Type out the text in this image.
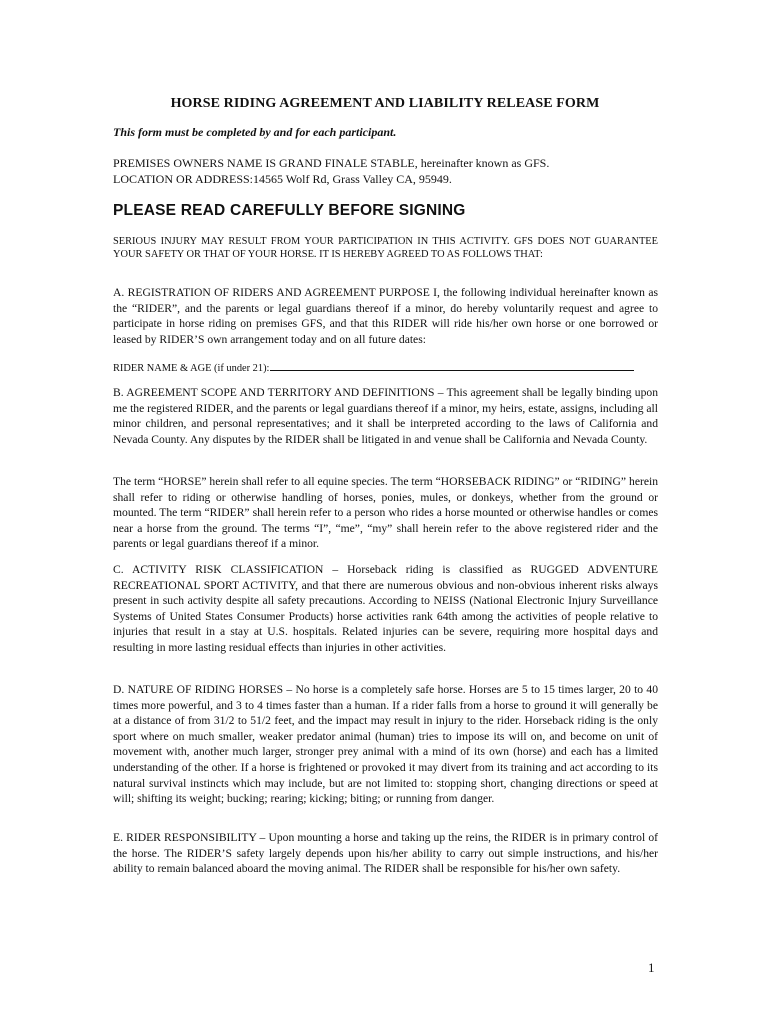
HORSE RIDING AGREEMENT AND LIABILITY RELEASE FORM
This form must be completed by and for each participant.
PREMISES OWNERS NAME IS GRAND FINALE STABLE, hereinafter known as GFS.
LOCATION OR ADDRESS:14565 Wolf Rd, Grass Valley CA, 95949.
PLEASE READ CAREFULLY BEFORE SIGNING
SERIOUS INJURY MAY RESULT FROM YOUR PARTICIPATION IN THIS ACTIVITY. GFS DOES NOT GUARANTEE YOUR SAFETY OR THAT OF YOUR HORSE. IT IS HEREBY AGREED TO AS FOLLOWS THAT:
A. REGISTRATION OF RIDERS AND AGREEMENT PURPOSE I, the following individual hereinafter known as the “RIDER”, and the parents or legal guardians thereof if a minor, do hereby voluntarily request and agree to participate in horse riding on premises GFS, and that this RIDER will ride his/her own horse or one borrowed or leased by RIDER’S own arrangement today and on all future dates:
RIDER NAME & AGE (if under 21):
B. AGREEMENT SCOPE AND TERRITORY AND DEFINITIONS – This agreement shall be legally binding upon me the registered RIDER, and the parents or legal guardians thereof if a minor, my heirs, estate, assigns, including all minor children, and personal representatives; and it shall be interpreted according to the laws of California and Nevada County. Any disputes by the RIDER shall be litigated in and venue shall be California and Nevada County.
The term “HORSE” herein shall refer to all equine species. The term “HORSEBACK RIDING” or “RIDING” herein shall refer to riding or otherwise handling of horses, ponies, mules, or donkeys, whether from the ground or mounted. The term “RIDER” shall herein refer to a person who rides a horse mounted or otherwise handles or comes near a horse from the ground. The terms “I”, “me”, “my” shall herein refer to the above registered rider and the parents or legal guardians thereof if a minor.
C. ACTIVITY RISK CLASSIFICATION – Horseback riding is classified as RUGGED ADVENTURE RECREATIONAL SPORT ACTIVITY, and that there are numerous obvious and non-obvious inherent risks always present in such activity despite all safety precautions. According to NEISS (National Electronic Injury Surveillance Systems of United States Consumer Products) horse activities rank 64th among the activities of people relative to injuries that result in a stay at U.S. hospitals. Related injuries can be severe, requiring more hospital days and resulting in more lasting residual effects than injuries in other activities.
D. NATURE OF RIDING HORSES – No horse is a completely safe horse. Horses are 5 to 15 times larger, 20 to 40 times more powerful, and 3 to 4 times faster than a human. If a rider falls from a horse to ground it will generally be at a distance of from 31/2 to 51/2 feet, and the impact may result in injury to the rider. Horseback riding is the only sport where on much smaller, weaker predator animal (human) tries to impose its will on, and become on unit of movement with, another much larger, stronger prey animal with a mind of its own (horse) and each has a limited understanding of the other. If a horse is frightened or provoked it may divert from its training and act according to its natural survival instincts which may include, but are not limited to: stopping short, changing directions or speed at will; shifting its weight; bucking; rearing; kicking; biting; or running from danger.
E. RIDER RESPONSIBILITY – Upon mounting a horse and taking up the reins, the RIDER is in primary control of the horse. The RIDER’S safety largely depends upon his/her ability to carry out simple instructions, and his/her ability to remain balanced aboard the moving animal. The RIDER shall be responsible for his/her own safety.
1
